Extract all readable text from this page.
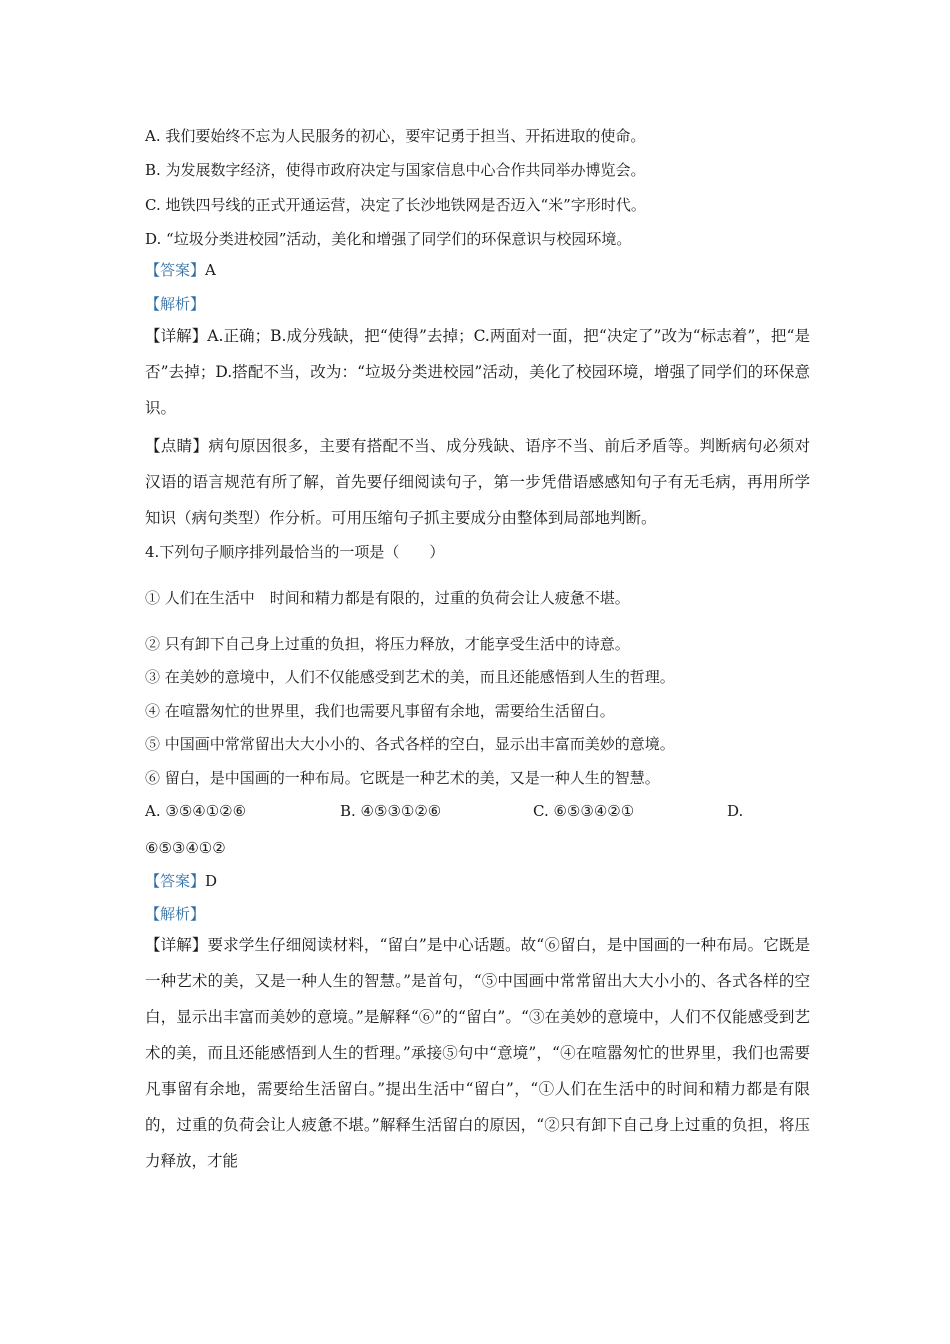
A. 我们要始终不忘为人民服务的初心，要牢记勇于担当、开拓进取的使命。
B. 为发展数字经济，使得市政府决定与国家信息中心合作共同举办博览会。
C. 地铁四号线的正式开通运营，决定了长沙地铁网是否迈入“米”字形时代。
D. “垃圾分类进校园”活动，美化和增强了同学们的环保意识与校园环境。
【答案】A
【解析】
【详解】A.正确；B.成分残缺，把“使得”去掉；C.两面对一面，把“决定了”改为“标志着”，把“是否”去掉；D.搭配不当，改为：“垃圾分类进校园”活动，美化了校园环境，增强了同学们的环保意识。
【点睛】病句原因很多，主要有搭配不当、成分残缺、语序不当、前后矛盾等。判断病句必须对汉语的语言规范有所了解，首先要仔细阅读句子，第一步凭借语感感知句子有无毛病，再用所学知识（病句类型）作分析。可用压缩句子抓主要成分由整体到局部地判断。
4.下列句子顺序排列最恰当的一项是（　　）
① 人们在生活中　时间和精力都是有限的，过重的负荷会让人疲惫不堪。
② 只有卸下自己身上过重的负担，将压力释放，才能享受生活中的诗意。
③ 在美妙的意境中，人们不仅能感受到艺术的美，而且还能感悟到人生的哲理。
④ 在喧嚣匆忙的世界里，我们也需要凡事留有余地，需要给生活留白。
⑤ 中国画中常常留出大大小小的、各式各样的空白，显示出丰富而美妙的意境。
⑥ 留白，是中国画的一种布局。它既是一种艺术的美，又是一种人生的智慧。
A. ③⑤④①②⑥	B. ④⑤③①②⑥	C. ⑥⑤③④②①	D.
⑥⑤③④①②
【答案】D
【解析】
【详解】要求学生仔细阅读材料，“留白”是中心话题。故“⑥留白，是中国画的一种布局。它既是一种艺术的美，又是一种人生的智慧。”是首句，“⑤中国画中常常留出大大小小的、各式各样的空白，显示出丰富而美妙的意境。”是解释“⑥”的“留白”。“③在美妙的意境中，人们不仅能感受到艺术的美，而且还能感悟到人生的哲理。”承接⑤句中“意境”，“④在喧嚣匆忙的世界里，我们也需要凡事留有余地，需要给生活留白。”提出生活中“留白”，“①人们在生活中的时间和精力都是有限的，过重的负荷会让人疲惫不堪。”解释生活留白的原因，“②只有卸下自己身上过重的负担，将压力释放，才能
